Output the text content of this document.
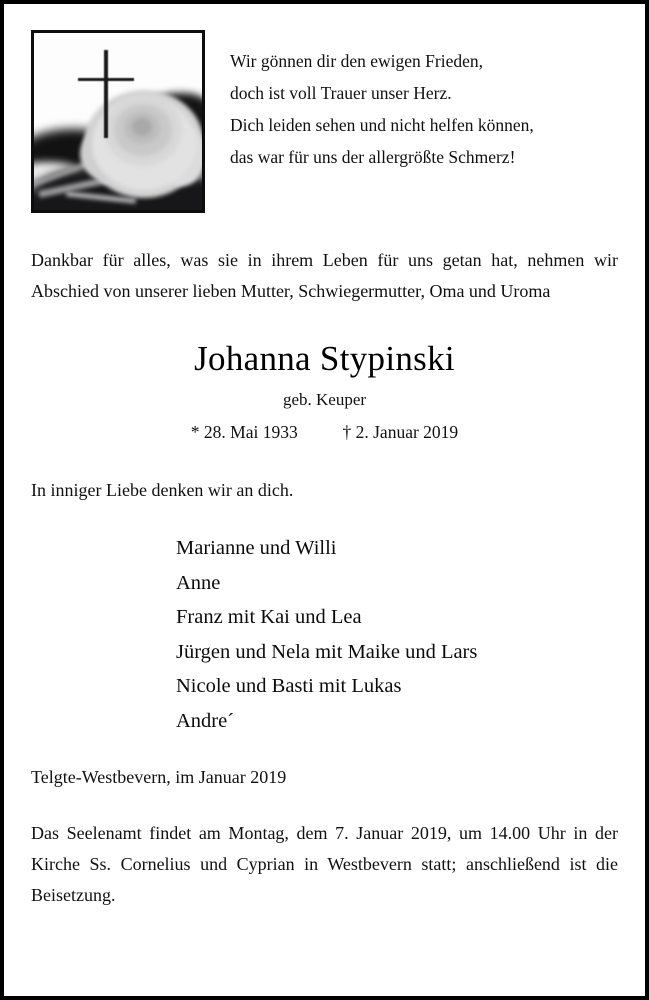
Wir gönnen dir den ewigen Frieden,
doch ist voll Trauer unser Herz.
Dich leiden sehen und nicht helfen können,
das war für uns der allergrößte Schmerz!
Dankbar für alles, was sie in ihrem Leben für uns getan hat, nehmen wir Abschied von unserer lieben Mutter, Schwiegermutter, Oma und Uroma
Johanna Stypinski
geb. Keuper
* 28. Mai 1933	† 2. Januar 2019
In inniger Liebe denken wir an dich.
Marianne und Willi
Anne
Franz mit Kai und Lea
Jürgen und Nela mit Maike und Lars
Nicole und Basti mit Lukas
Andre´
Telgte-Westbevern, im Januar 2019
Das Seelenamt findet am Montag, dem 7. Januar 2019, um 14.00 Uhr in der Kirche Ss. Cornelius und Cyprian in Westbevern statt; anschließend ist die Beisetzung.
